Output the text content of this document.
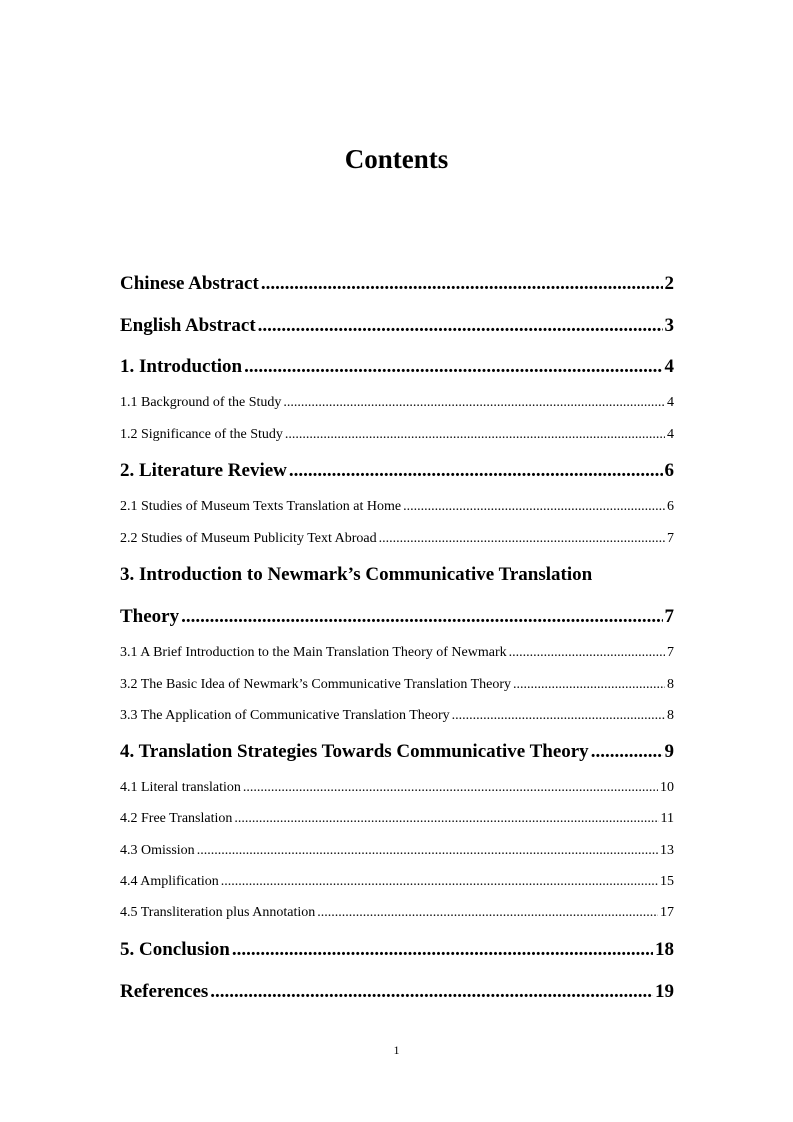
Contents
Chinese Abstract .....	2
English Abstract .....	3
1. Introduction .....	4
1.1 Background of the Study .....	4
1.2 Significance of the Study .....	4
2. Literature Review .....	6
2.1 Studies of Museum Texts Translation at Home .....	6
2.2 Studies of Museum Publicity Text Abroad .....	7
3. Introduction to Newmark’s Communicative Translation
Theory .....	7
3.1 A Brief Introduction to the Main Translation Theory of Newmark .....	7
3.2 The Basic Idea of Newmark’s Communicative Translation Theory .....	8
3.3 The Application of Communicative Translation Theory .....	8
4. Translation Strategies Towards Communicative Theory .....	9
4.1 Literal translation .....	10
4.2 Free Translation .....	11
4.3 Omission .....	13
4.4 Amplification .....	15
4.5 Transliteration plus Annotation .....	17
5. Conclusion .....	18
References .....	19
1
